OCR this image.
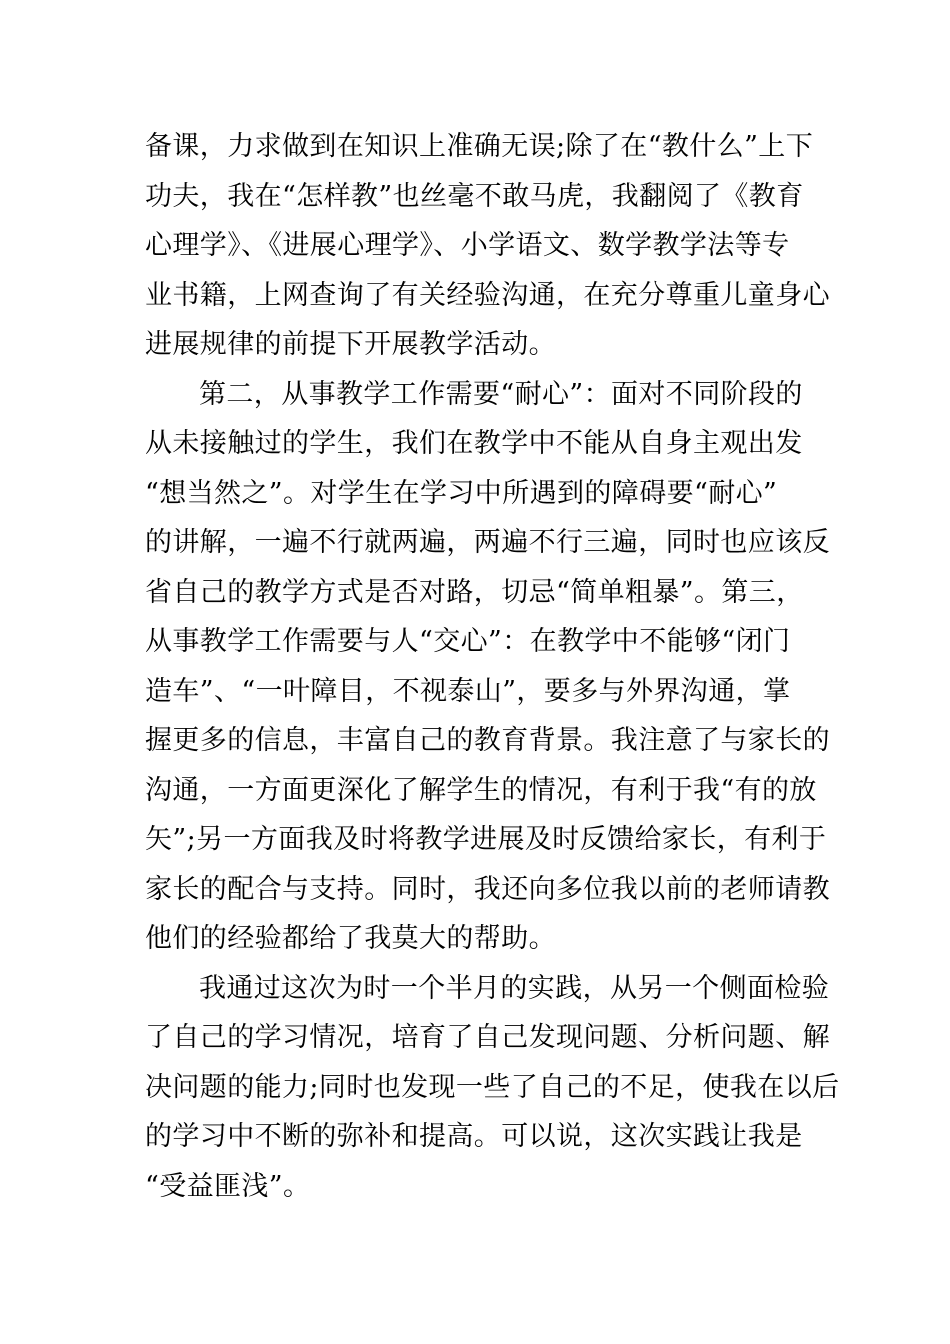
备课，力求做到在知识上准确无误;除了在“教什么”上下
功夫，我在“怎样教”也丝毫不敢马虎，我翻阅了《教育
心理学》、《进展心理学》、小学语文、数学教学法等专
业书籍，上网查询了有关经验沟通，在充分尊重儿童身心
进展规律的前提下开展教学活动。
第二，从事教学工作需要“耐心”：面对不同阶段的
从未接触过的学生，我们在教学中不能从自身主观出发
“想当然之”。对学生在学习中所遇到的障碍要“耐心”
的讲解，一遍不行就两遍，两遍不行三遍，同时也应该反
省自己的教学方式是否对路，切忌“简单粗暴”。第三，
从事教学工作需要与人“交心”：在教学中不能够“闭门
造车”、“一叶障目，不视泰山”，要多与外界沟通，掌
握更多的信息，丰富自己的教育背景。我注意了与家长的
沟通，一方面更深化了解学生的情况，有利于我“有的放
矢”;另一方面我及时将教学进展及时反馈给家长，有利于
家长的配合与支持。同时，我还向多位我以前的老师请教
他们的经验都给了我莫大的帮助。
我通过这次为时一个半月的实践，从另一个侧面检验
了自己的学习情况，培育了自己发现问题、分析问题、解
决问题的能力;同时也发现一些了自己的不足，使我在以后
的学习中不断的弥补和提高。可以说，这次实践让我是
“受益匪浅”。
